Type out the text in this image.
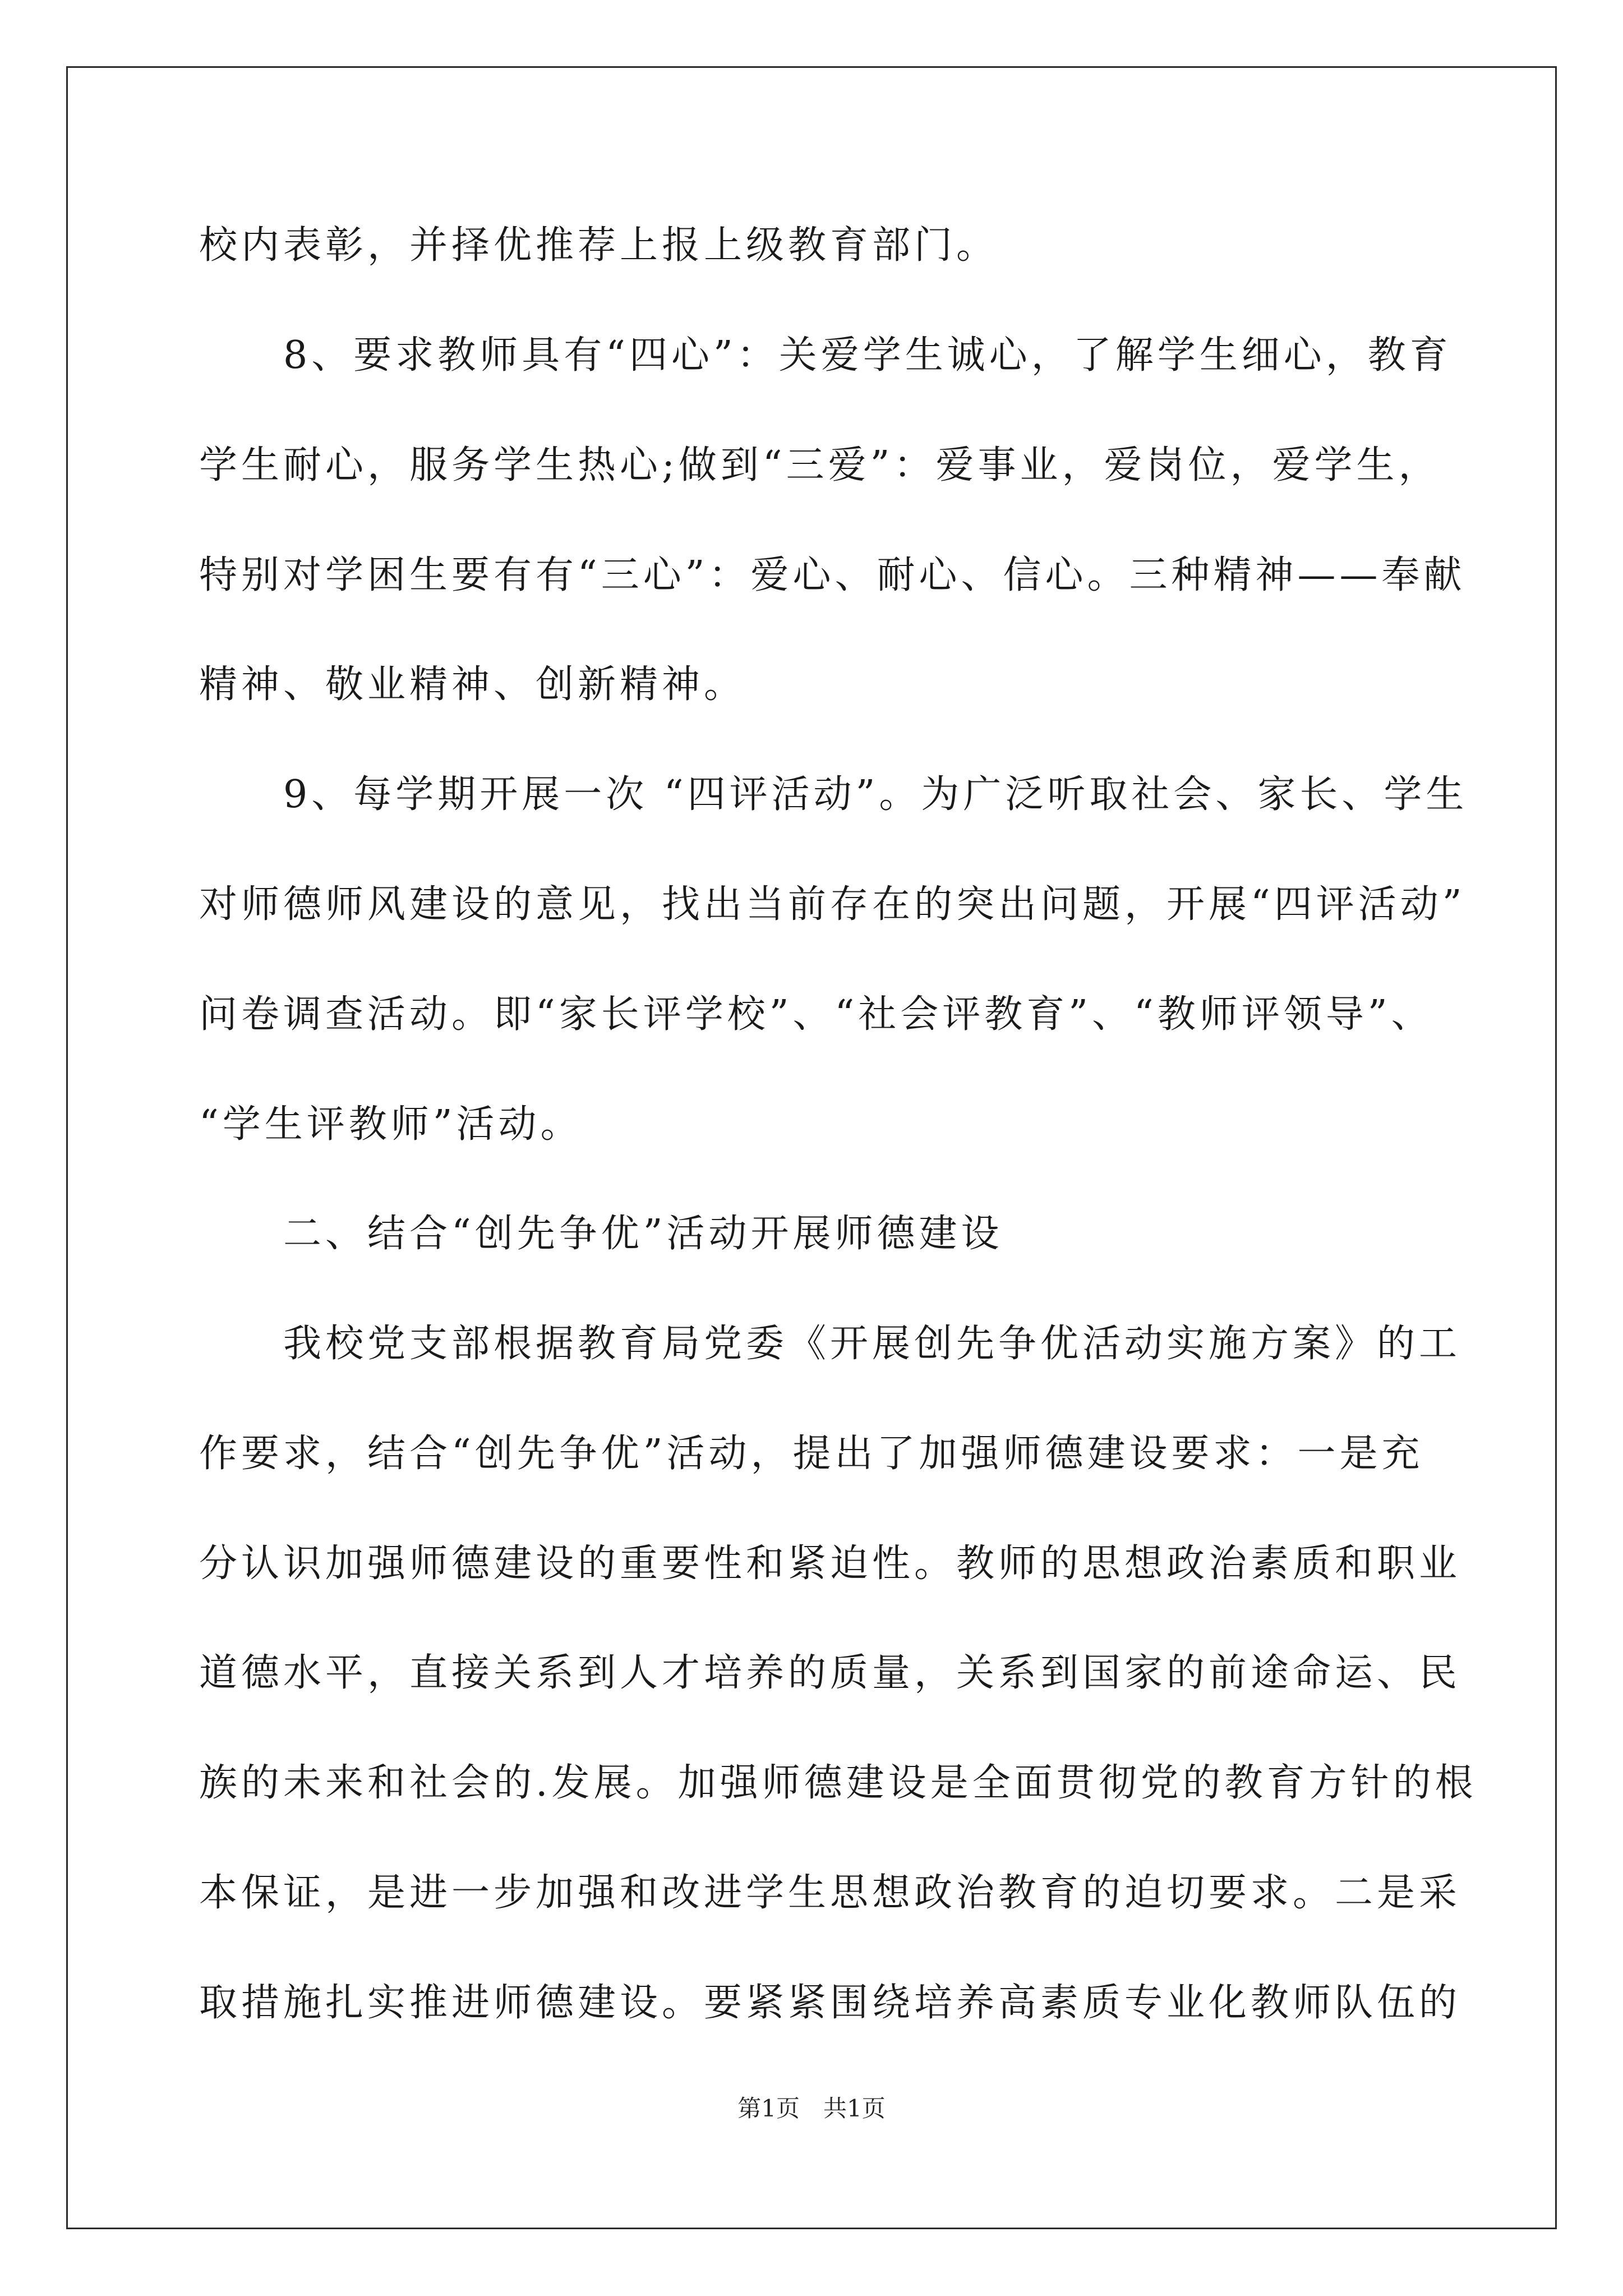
校内表彰，并择优推荐上报上级教育部门。
　　8、要求教师具有“四心”：关爱学生诚心，了解学生细心，教育
学生耐心，服务学生热心;做到“三爱”：爱事业，爱岗位，爱学生，
特别对学困生要有有“三心”：爱心、耐心、信心。三种精神——奉献
精神、敬业精神、创新精神。
　　9、每学期开展一次 “四评活动”。为广泛听取社会、家长、学生
对师德师风建设的意见，找出当前存在的突出问题，开展“四评活动”
问卷调查活动。即“家长评学校”、“社会评教育”、“教师评领导”、
“学生评教师”活动。
　　二、结合“创先争优”活动开展师德建设
　　我校党支部根据教育局党委《开展创先争优活动实施方案》的工
作要求，结合“创先争优”活动，提出了加强师德建设要求：一是充
分认识加强师德建设的重要性和紧迫性。教师的思想政治素质和职业
道德水平，直接关系到人才培养的质量，关系到国家的前途命运、民
族的未来和社会的.发展。加强师德建设是全面贯彻党的教育方针的根
本保证，是进一步加强和改进学生思想政治教育的迫切要求。二是采
取措施扎实推进师德建设。要紧紧围绕培养高素质专业化教师队伍的
第1页　共1页
